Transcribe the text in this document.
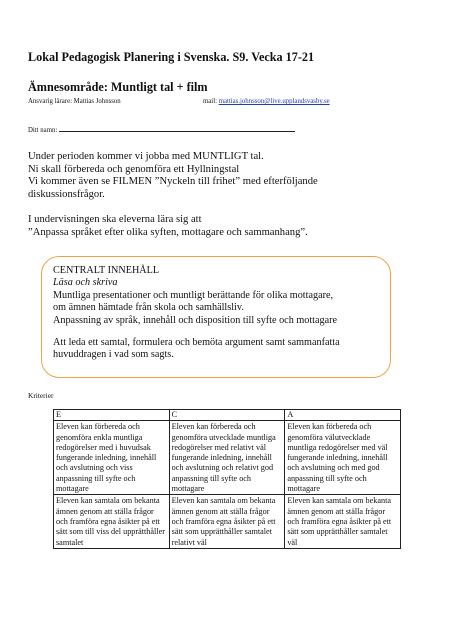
Lokal Pedagogisk Planering i Svenska. S9. Vecka 17-21
Ämnesområde: Muntligt tal + film
Ansvarig lärare: Mattias Johnsson	mail: mattias.johnsson@live.upplandsvasby.se
Ditt namn:

Under perioden kommer vi jobba med MUNTLIGT tal.

Ni skall förbereda och genomföra ett Hyllningstal

Vi kommer även se FILMEN ”Nyckeln till frihet” med efterföljande

diskussionsfrågor.

I undervisningen ska eleverna lära sig att

”Anpassa språket efter olika syften, mottagare och sammanhang”.

CENTRALT INNEHÅLL

Läsa och skriva

Muntliga presentationer och muntligt berättande för olika mottagare,

om ämnen hämtade från skola och samhällsliv.

Anpassning av språk, innehåll och disposition till syfte och mottagare

Att leda ett samtal, formulera och bemöta argument samt sammanfatta

huvuddragen i vad som sagts.

Kriterier
E	C	A
Eleven kan förbereda och genomföra enkla muntliga redogörelser med i huvudsak fungerande inledning, innehåll och avslutning och viss anpassning till syfte och mottagare	Eleven kan förbereda och genomföra utvecklade muntliga redogörelser med relativt väl fungerande inledning, innehåll och avslutning och relativt god anpassning till syfte och mottagare	Eleven kan förbereda och genomföra välutvecklade muntliga redogörelser med väl fungerande inledning, innehåll och avslutning och med god anpassning till syfte och mottagare
Eleven kan samtala om bekanta ämnen genom att ställa frågor och framföra egna åsikter på ett sätt som till viss del upprätthåller samtalet	Eleven kan samtala om bekanta ämnen genom att ställa frågor och framföra egna åsikter på ett sätt som upprätthåller samtalet relativt väl	Eleven kan samtala om bekanta ämnen genom att ställa frågor och framföra egna åsikter på ett sätt som upprätthåller samtalet väl
